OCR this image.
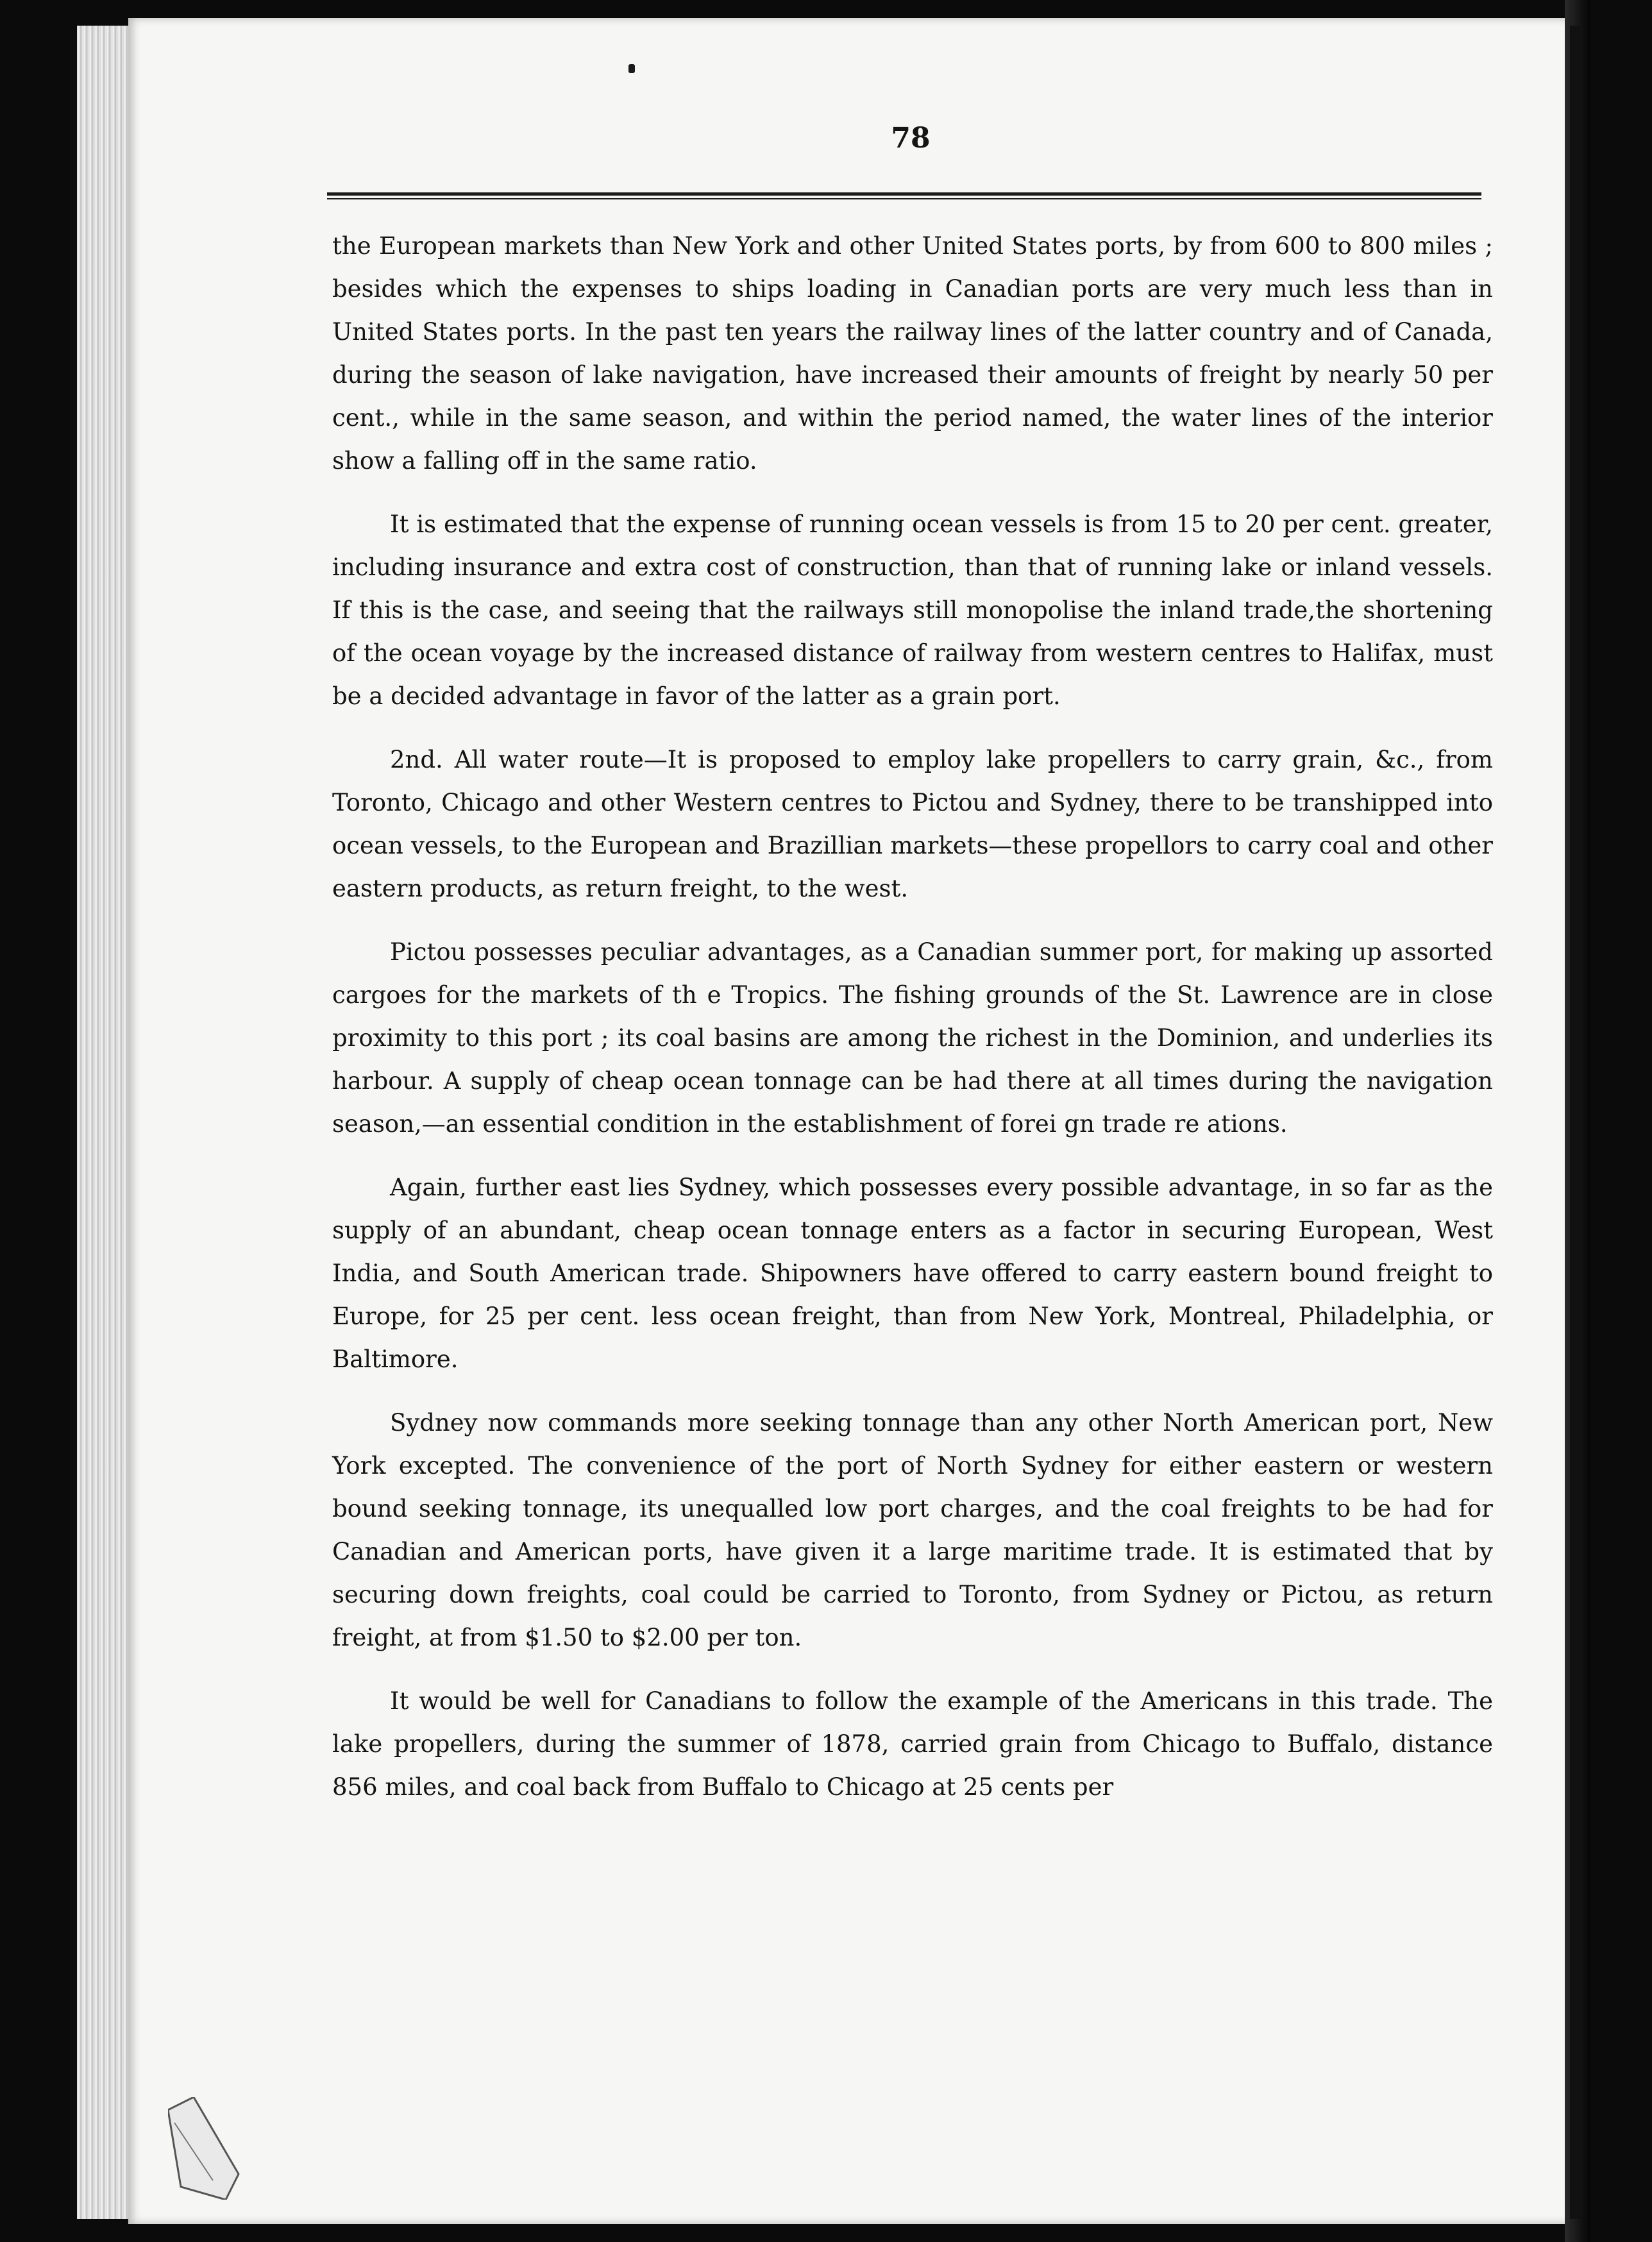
78

the European markets than New York and other United States ports, by from 600 to 800 miles ; besides which the expenses to ships loading in Canadian ports are very much less than in United States ports. In the past ten years the railway lines of the latter country and of Canada, during the season of lake navigation, have increased their amounts of freight by nearly 50 per cent., while in the same season, and within the period named, the water lines of the interior show a falling off in the same ratio.

It is estimated that the expense of running ocean vessels is from 15 to 20 per cent. greater, including insurance and extra cost of construction, than that of running lake or inland vessels. If this is the case, and seeing that the railways still monopolise the inland trade,the shortening of the ocean voyage by the increased distance of railway from western centres to Halifax, must be a decided advantage in favor of the latter as a grain port.

2nd. All water route—It is proposed to employ lake propellers to carry grain, &c., from Toronto, Chicago and other Western centres to Pictou and Sydney, there to be transhipped into ocean vessels, to the European and Brazillian markets—these propellors to carry coal and other eastern products, as return freight, to the west.

Pictou possesses peculiar advantages, as a Canadian summer port, for making up assorted cargoes for the markets of th e Tropics. The fishing grounds of the St. Lawrence are in close proximity to this port ; its coal basins are among the richest in the Dominion, and underlies its harbour. A supply of cheap ocean tonnage can be had there at all times during the navigation season,—an essential condition in the establishment of forei gn trade re ations.

Again, further east lies Sydney, which possesses every possible advantage, in so far as the supply of an abundant, cheap ocean tonnage enters as a factor in securing European, West India, and South American trade. Shipowners have offered to carry eastern bound freight to Europe, for 25 per cent. less ocean freight, than from New York, Montreal, Philadelphia, or Baltimore.

Sydney now commands more seeking tonnage than any other North American port, New York excepted. The convenience of the port of North Sydney for either eastern or western bound seeking tonnage, its unequalled low port charges, and the coal freights to be had for Canadian and American ports, have given it a large maritime trade. It is estimated that by securing down freights, coal could be carried to Toronto, from Sydney or Pictou, as return freight, at from $1.50 to $2.00 per ton.

It would be well for Canadians to follow the example of the Americans in this trade. The lake propellers, during the summer of 1878, carried grain from Chicago to Buffalo, distance 856 miles, and coal back from Buffalo to Chicago at 25 cents per
